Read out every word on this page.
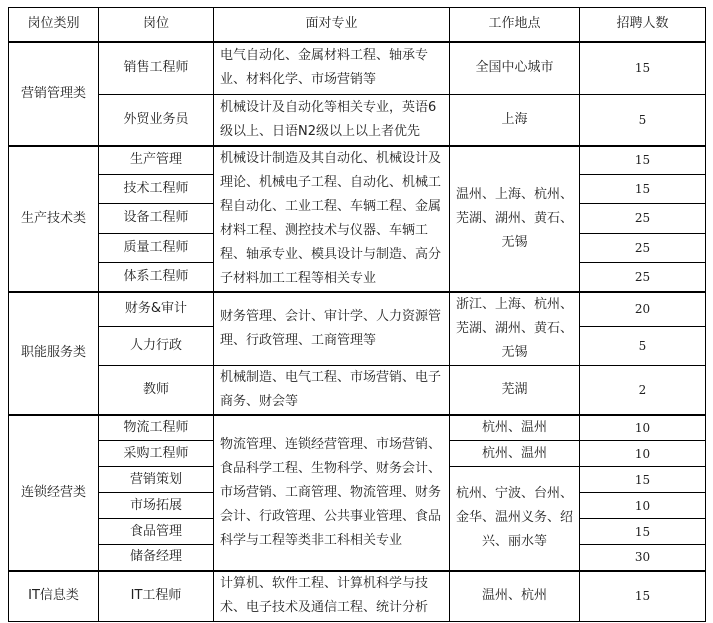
岗位类别	岗位	面对专业	工作地点	招聘人数

营销管理类	销售工程师	电气自动化、金属材料工程、轴承专业、材料化学、市场营销等	全国中心城市	15
	外贸业务员	机械设计及自动化等相关专业，英语6级以上、日语N2级以上以上者优先	上海	5

生产技术类	生产管理	机械设计制造及其自动化、机械设计及理论、机械电子工程、自动化、机械工程自动化、工业工程、车辆工程、金属材料工程、测控技术与仪器、车辆工程、轴承专业、模具设计与制造、高分子材料加工工程等相关专业	温州、上海、杭州、芜湖、湖州、黄石、无锡	15
	技术工程师			15
	设备工程师			25
	质量工程师			25
	体系工程师			25

职能服务类	财务&审计	财务管理、会计、审计学、人力资源管理、行政管理、工商管理等	浙江、上海、杭州、芜湖、湖州、黄石、无锡	20
	人力行政			5
	教师	机械制造、电气工程、市场营销、电子商务、财会等	芜湖	2

连锁经营类	物流工程师	物流管理、连锁经营管理、市场营销、食品科学工程、生物科学、财务会计、市场营销、工商管理、物流管理、财务会计、行政管理、公共事业管理、食品科学与工程等类非工科相关专业	杭州、温州	10
	采购工程师		杭州、温州	10
	营销策划		杭州、宁波、台州、金华、温州义务、绍兴、丽水等	15
	市场拓展			10
	食品管理			15
	储备经理			30

IT信息类	IT工程师	计算机、软件工程、计算机科学与技术、电子技术及通信工程、统计分析	温州、杭州	15
